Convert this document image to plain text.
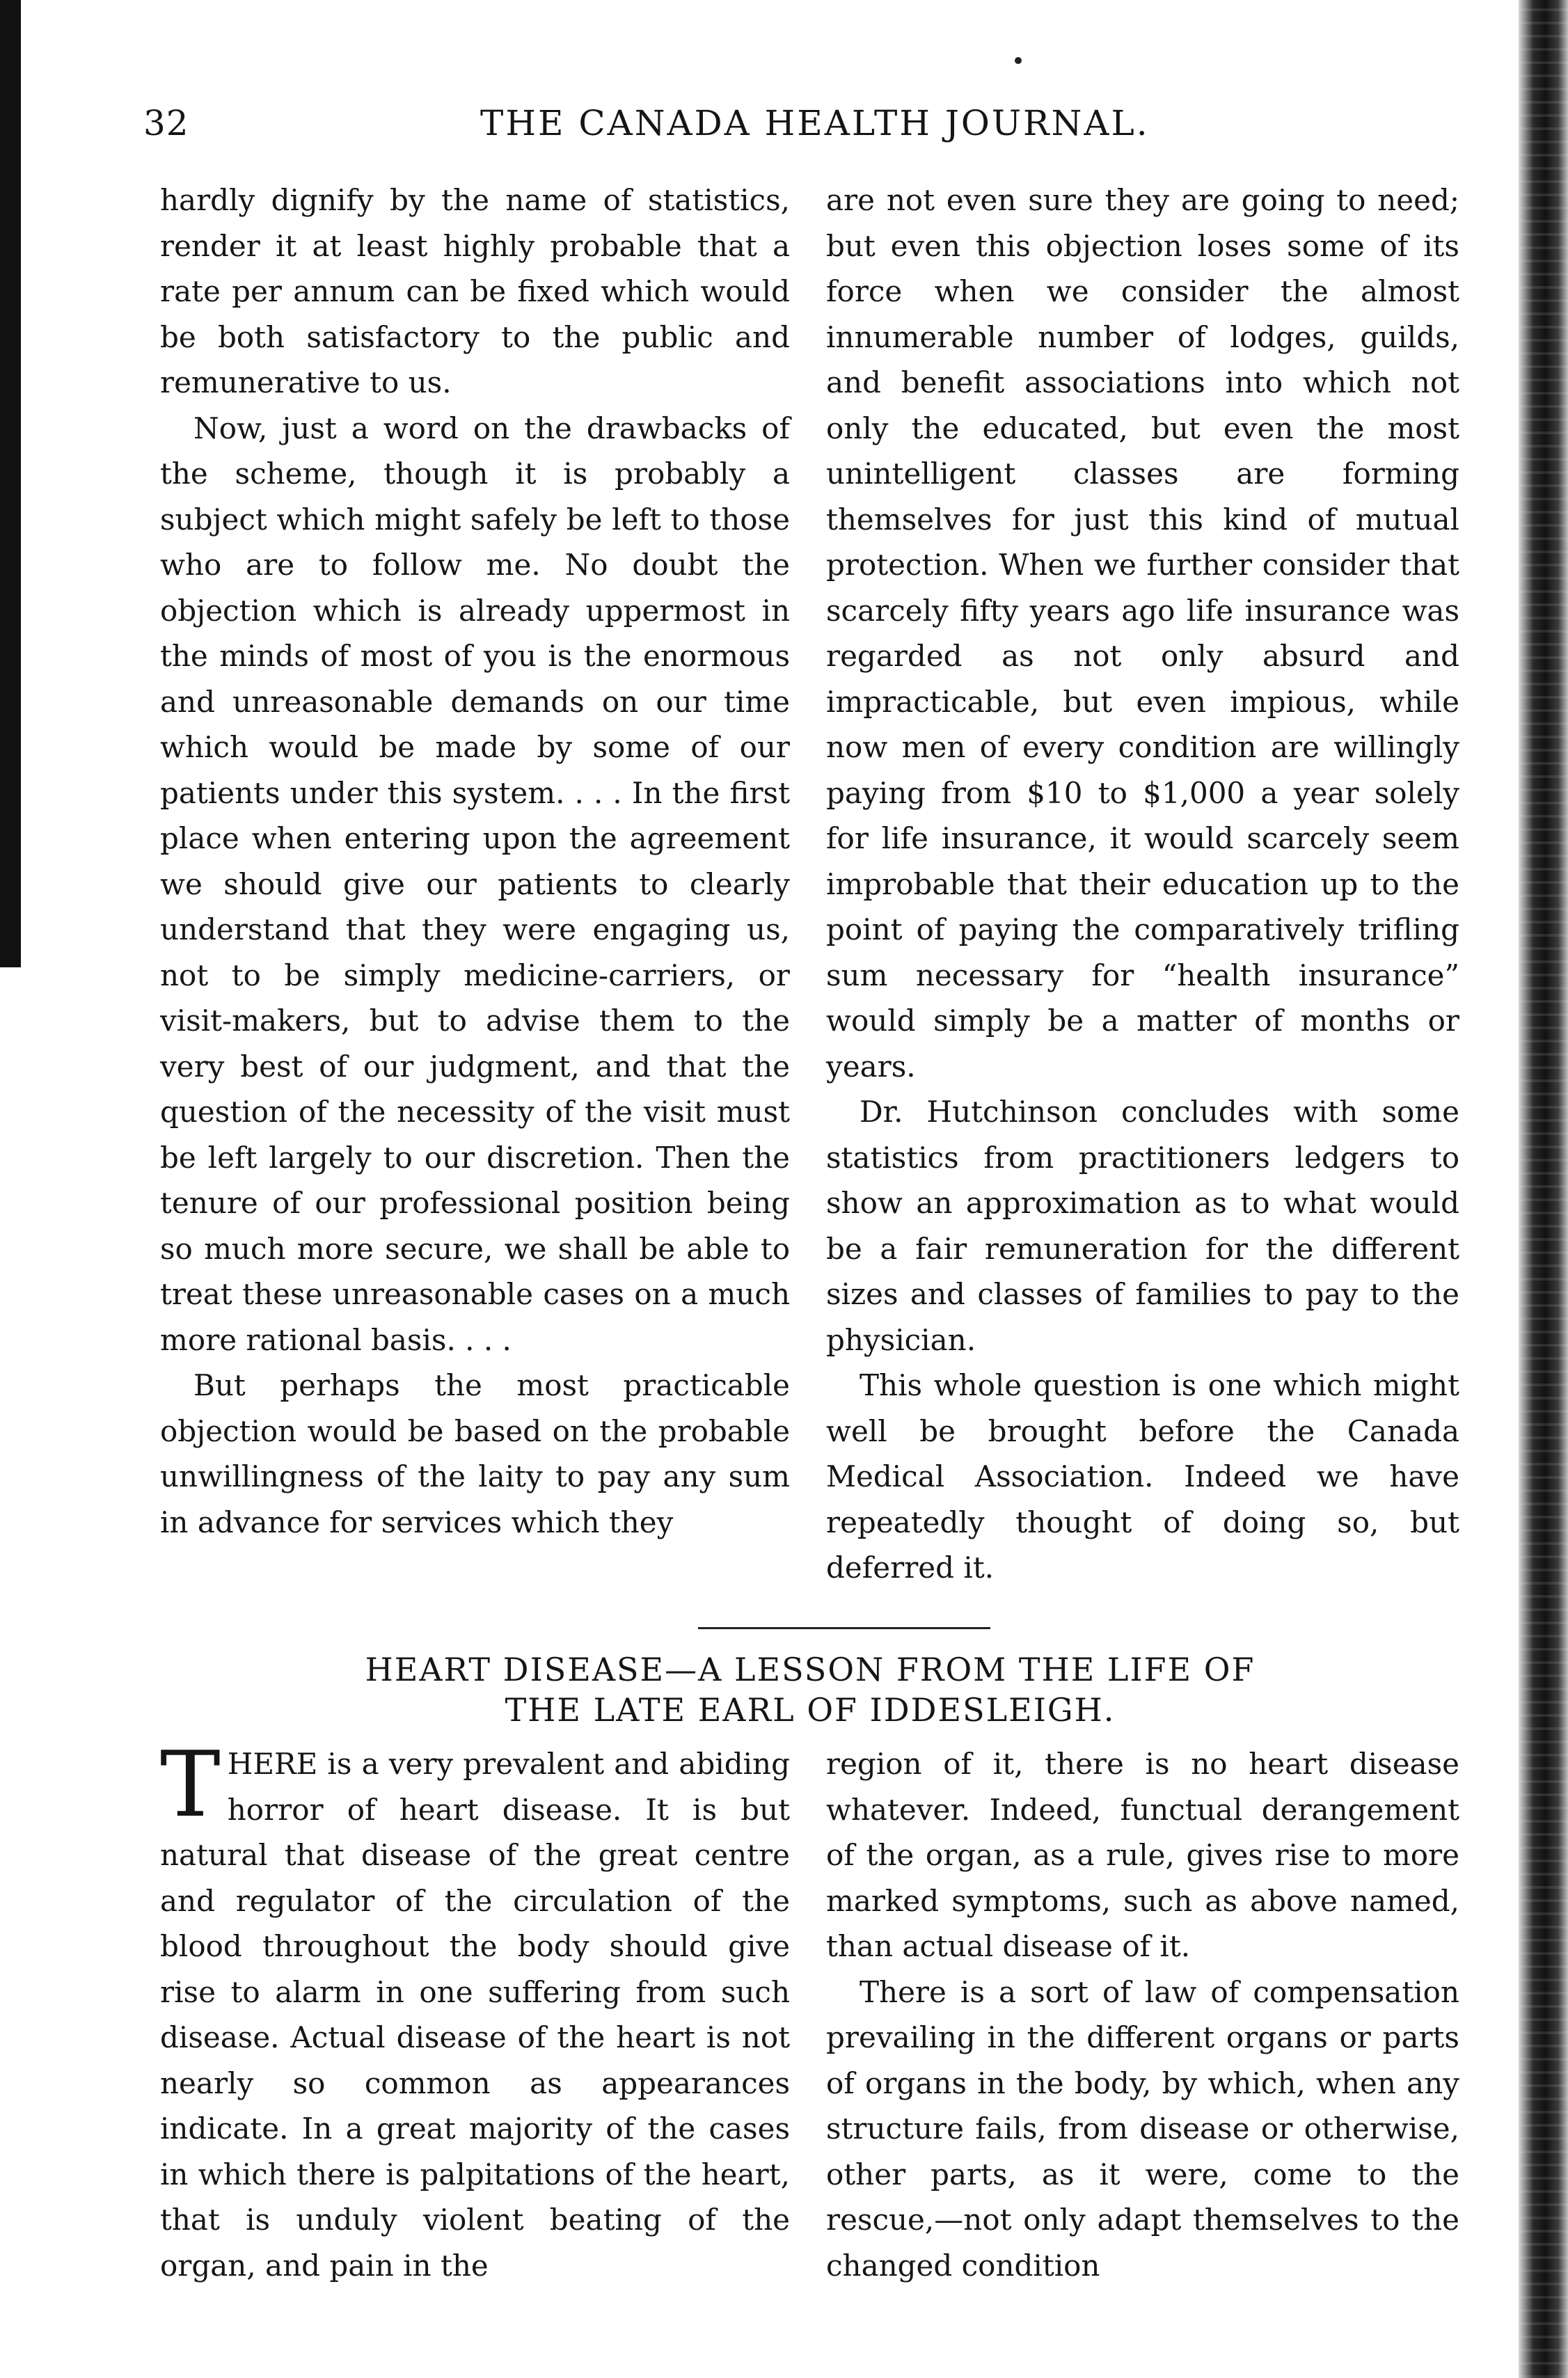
32	THE CANADA HEALTH JOURNAL.

hardly dignify by the name of statistics, render it at least highly probable that a rate per annum can be fixed which would be both satisfactory to the public and remunerative to us.

Now, just a word on the drawbacks of the scheme, though it is probably a subject which might safely be left to those who are to follow me. No doubt the objection which is already uppermost in the minds of most of you is the enormous and unreasonable demands on our time which would be made by some of our patients under this system. . . . In the first place when entering upon the agreement we should give our patients to clearly understand that they were engaging us, not to be simply medicine-carriers, or visit-makers, but to advise them to the very best of our judgment, and that the question of the necessity of the visit must be left largely to our discretion. Then the tenure of our professional position being so much more secure, we shall be able to treat these unreasonable cases on a much more rational basis. . . .

But perhaps the most practicable objection would be based on the probable unwillingness of the laity to pay any sum in advance for services which they

are not even sure they are going to need; but even this objection loses some of its force when we consider the almost innumerable number of lodges, guilds, and benefit associations into which not only the educated, but even the most unintelligent classes are forming themselves for just this kind of mutual protection. When we further consider that scarcely fifty years ago life insurance was regarded as not only absurd and impracticable, but even impious, while now men of every condition are willingly paying from $10 to $1,000 a year solely for life insurance, it would scarcely seem improbable that their education up to the point of paying the comparatively trifling sum necessary for “health insurance” would simply be a matter of months or years.

Dr. Hutchinson concludes with some statistics from practitioners ledgers to show an approximation as to what would be a fair remuneration for the different sizes and classes of families to pay to the physician.

This whole question is one which might well be brought before the Canada Medical Association. Indeed we have repeatedly thought of doing so, but deferred it.

HEART DISEASE—A LESSON FROM THE LIFE OF
THE LATE EARL OF IDDESLEIGH.

THERE is a very prevalent and abiding horror of heart disease. It is but natural that disease of the great centre and regulator of the circulation of the blood throughout the body should give rise to alarm in one suffering from such disease. Actual disease of the heart is not nearly so common as appearances indicate. In a great majority of the cases in which there is palpitations of the heart, that is unduly violent beating of the organ, and pain in the

region of it, there is no heart disease whatever. Indeed, functual derangement of the organ, as a rule, gives rise to more marked symptoms, such as above named, than actual disease of it.

There is a sort of law of compensation prevailing in the different organs or parts of organs in the body, by which, when any structure fails, from disease or otherwise, other parts, as it were, come to the rescue,—not only adapt themselves to the changed condition
